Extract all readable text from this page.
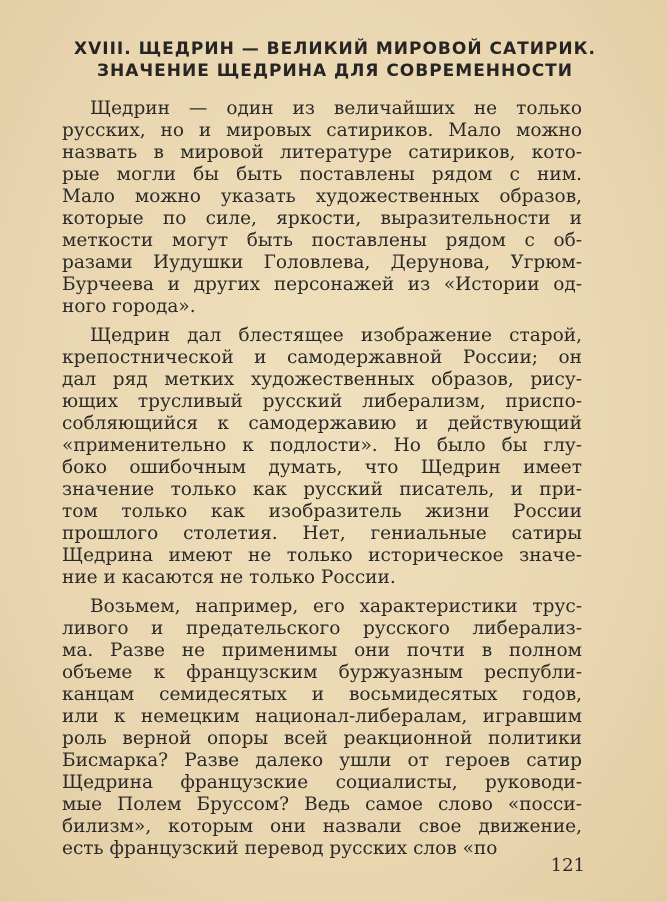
XVIII. ЩЕДРИН — ВЕЛИКИЙ МИРОВОЙ САТИРИК.
ЗНАЧЕНИЕ ЩЕДРИНА ДЛЯ СОВРЕМЕННОСТИ
Щедрин — один из величайших не только
русских, но и мировых сатириков. Мало можно
назвать в мировой литературе сатириков, кото-
рые могли бы быть поставлены рядом с ним.
Мало можно указать художественных образов,
которые по силе, яркости, выразительности и
меткости могут быть поставлены рядом с об-
разами Иудушки Головлева, Дерунова, Угрюм-
Бурчеева и других персонажей из «Истории од-
ного города».
Щедрин дал блестящее изображение старой,
крепостнической и самодержавной России; он
дал ряд метких художественных образов, рису-
ющих трусливый русский либерализм, приспо-
собляющийся к самодержавию и действующий
«применительно к подлости». Но было бы глу-
боко ошибочным думать, что Щедрин имеет
значение только как русский писатель, и при-
том только как изобразитель жизни России
прошлого столетия. Нет, гениальные сатиры
Щедрина имеют не только историческое значе-
ние и касаются не только России.
Возьмем, например, его характеристики трус-
ливого и предательского русского либерализ-
ма. Разве не применимы они почти в полном
объеме к французским буржуазным республи-
канцам семидесятых и восьмидесятых годов,
или к немецким национал-либералам, игравшим
роль верной опоры всей реакционной политики
Бисмарка? Разве далеко ушли от героев сатир
Щедрина французские социалисты, руководи-
мые Полем Бруссом? Ведь самое слово «посси-
билизм», которым они назвали свое движение,
есть французский перевод русских слов «по
121
